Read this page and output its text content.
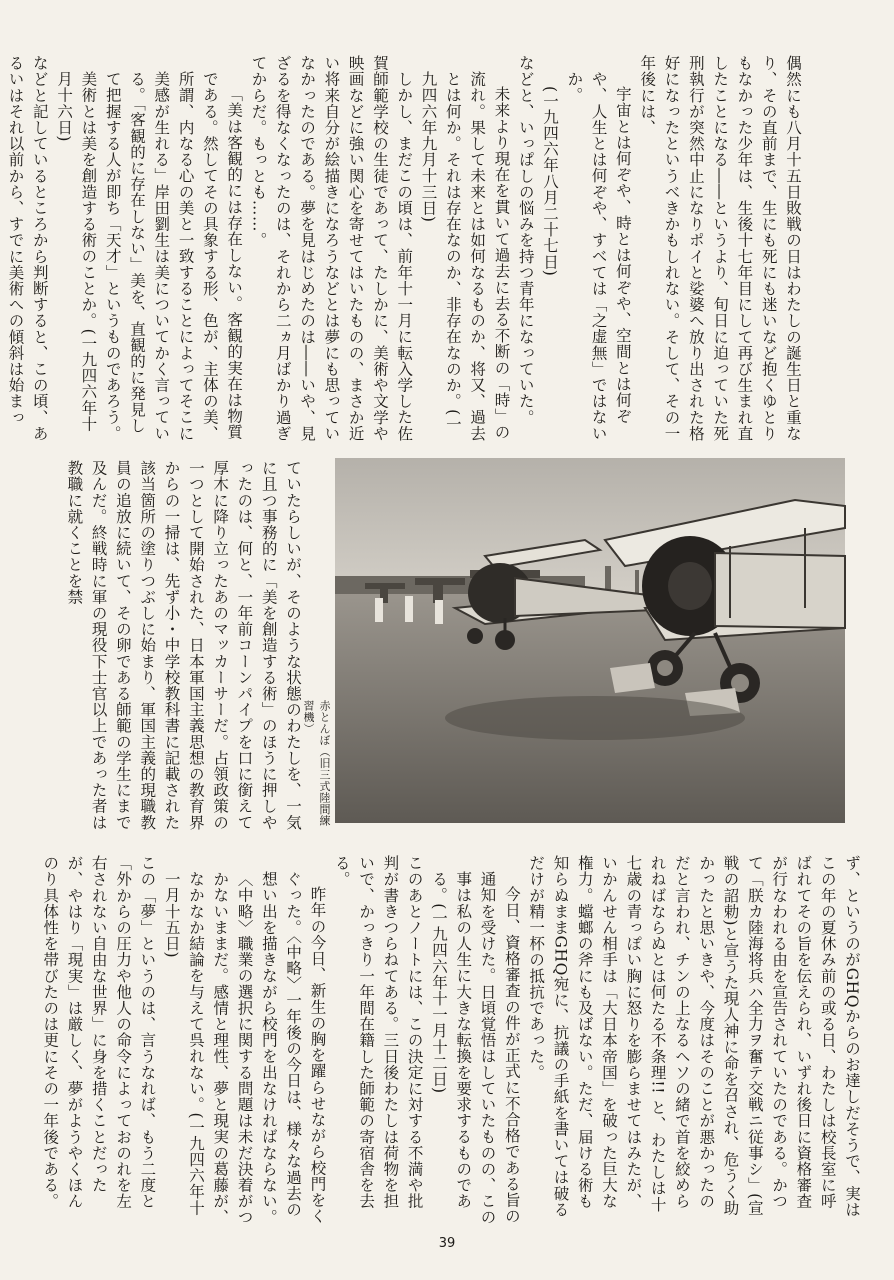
偶然にも八月十五日敗戦の日はわたしの誕生日と重なり、その直前まで、生にも死にも迷いなど抱くゆとりもなかった少年は、生後十七年目にして再び生まれ直したことになる――というより、旬日に迫っていた死刑執行が突然中止になりポイと娑婆へ放り出された格好になったというべきかもしれない。そして、その一年後には、

宇宙とは何ぞや、時とは何ぞや、空間とは何ぞや、人生とは何ぞや、すべては「之虚無」ではないか。

(一九四六年八月二十七日)

などと、いっぱしの悩みを持つ青年になっていた。

未来より現在を貫いて過去に去る不断の「時」の流れ。果して未来とは如何なるものか、将又、過去とは何か。それは存在なのか、非存在なのか。(一九四六年九月十三日)

しかし、まだこの頃は、前年十一月に転入学した佐賀師範学校の生徒であって、たしかに、美術や文学や映画などに強い関心を寄せてはいたものの、まさか近い将来自分が絵描きになろうなどとは夢にも思っていなかったのである。夢を見はじめたのは――いや、見ざるを得なくなったのは、それから二ヵ月ばかり過ぎてからだ。もっとも……。

「美は客観的には存在しない。客観的実在は物質である。然してその具象する形、色が、主体の美、所謂、内なる心の美と一致することによってそこに美感が生れる」岸田劉生は美についてかく言っている。「客観的に存在しない」美を、直観的に発見して把握する人が即ち「天才」というものであろう。美術とは美を創造する術のことか。(一九四六年十月十六日)

などと記しているところから判断すると、この頃、あるいはそれ以前から、すでに美術への傾斜は始まっ

ていたらしいが、そのような状態のわたしを、一気に且つ事務的に「美を創造する術」のほうに押しやったのは、何と、一年前コーンパイプを口に銜えて厚木に降り立ったあのマッカーサーだ。占領政策の一つとして開始された、日本軍国主義思想の教育界からの一掃は、先ず小・中学校教科書に記載された該当箇所の塗りつぶしに始まり、軍国主義的現職教員の追放に続いて、その卵である師範の学生にまで及んだ。終戦時に軍の現役下士官以上であった者は教職に就くことを禁

赤とんぼ（旧三式陸間練習機）

ず、というのがGHQからのお達しだそうで、実はこの年の夏休み前の或る日、わたしは校長室に呼ばれてその旨を伝えられ、いずれ後日に資格審査が行なわれる由を宣告されていたのである。かつて「朕カ陸海将兵ハ全力ヲ奮テ交戦ニ従事シ」(宣戦の詔勅)と宣うた現人神に命を召され、危うく助かったと思いきや、今度はそのことが悪かったのだと言われ、チンの上なるヘソの緒で首を絞められねばならぬとは何たる不条理!! と、わたしは十七歳の青っぽい胸に怒りを膨らませてはみたが、いかんせん相手は「大日本帝国」を破った巨大な権力。蟷螂の斧にも及ばない。ただ、届ける術も知らぬままGHQ宛に、抗議の手紙を書いては破るだけが精一杯の抵抗であった。

今日、資格審査の件が正式に不合格である旨の通知を受けた。日頃覚悟はしていたものの、この事は私の人生に大きな転換を要求するものである。(一九四六年十一月十二日)

このあとノートには、この決定に対する不満や批判が書きつらねてある。三日後わたしは荷物を担いで、かっきり一年間在籍した師範の寄宿舎を去る。

昨年の今日、新生の胸を躍らせながら校門をくぐった。〈中略〉一年後の今日は、様々な過去の想い出を描きながら校門を出なければならない。〈中略〉職業の選択に関する問題は未だ決着がつかないままだ。感情と理性、夢と現実の葛藤が、なかなか結論を与えて呉れない。(一九四六年十一月十五日)

この「夢」というのは、言うなれば、もう二度と「外からの圧力や他人の命令によっておのれを左右されない自由な世界」に身を措くことだったが、やはり「現実」は厳しく、夢がようやくほんのり具体性を帯びたのは更にその一年後である。

39
